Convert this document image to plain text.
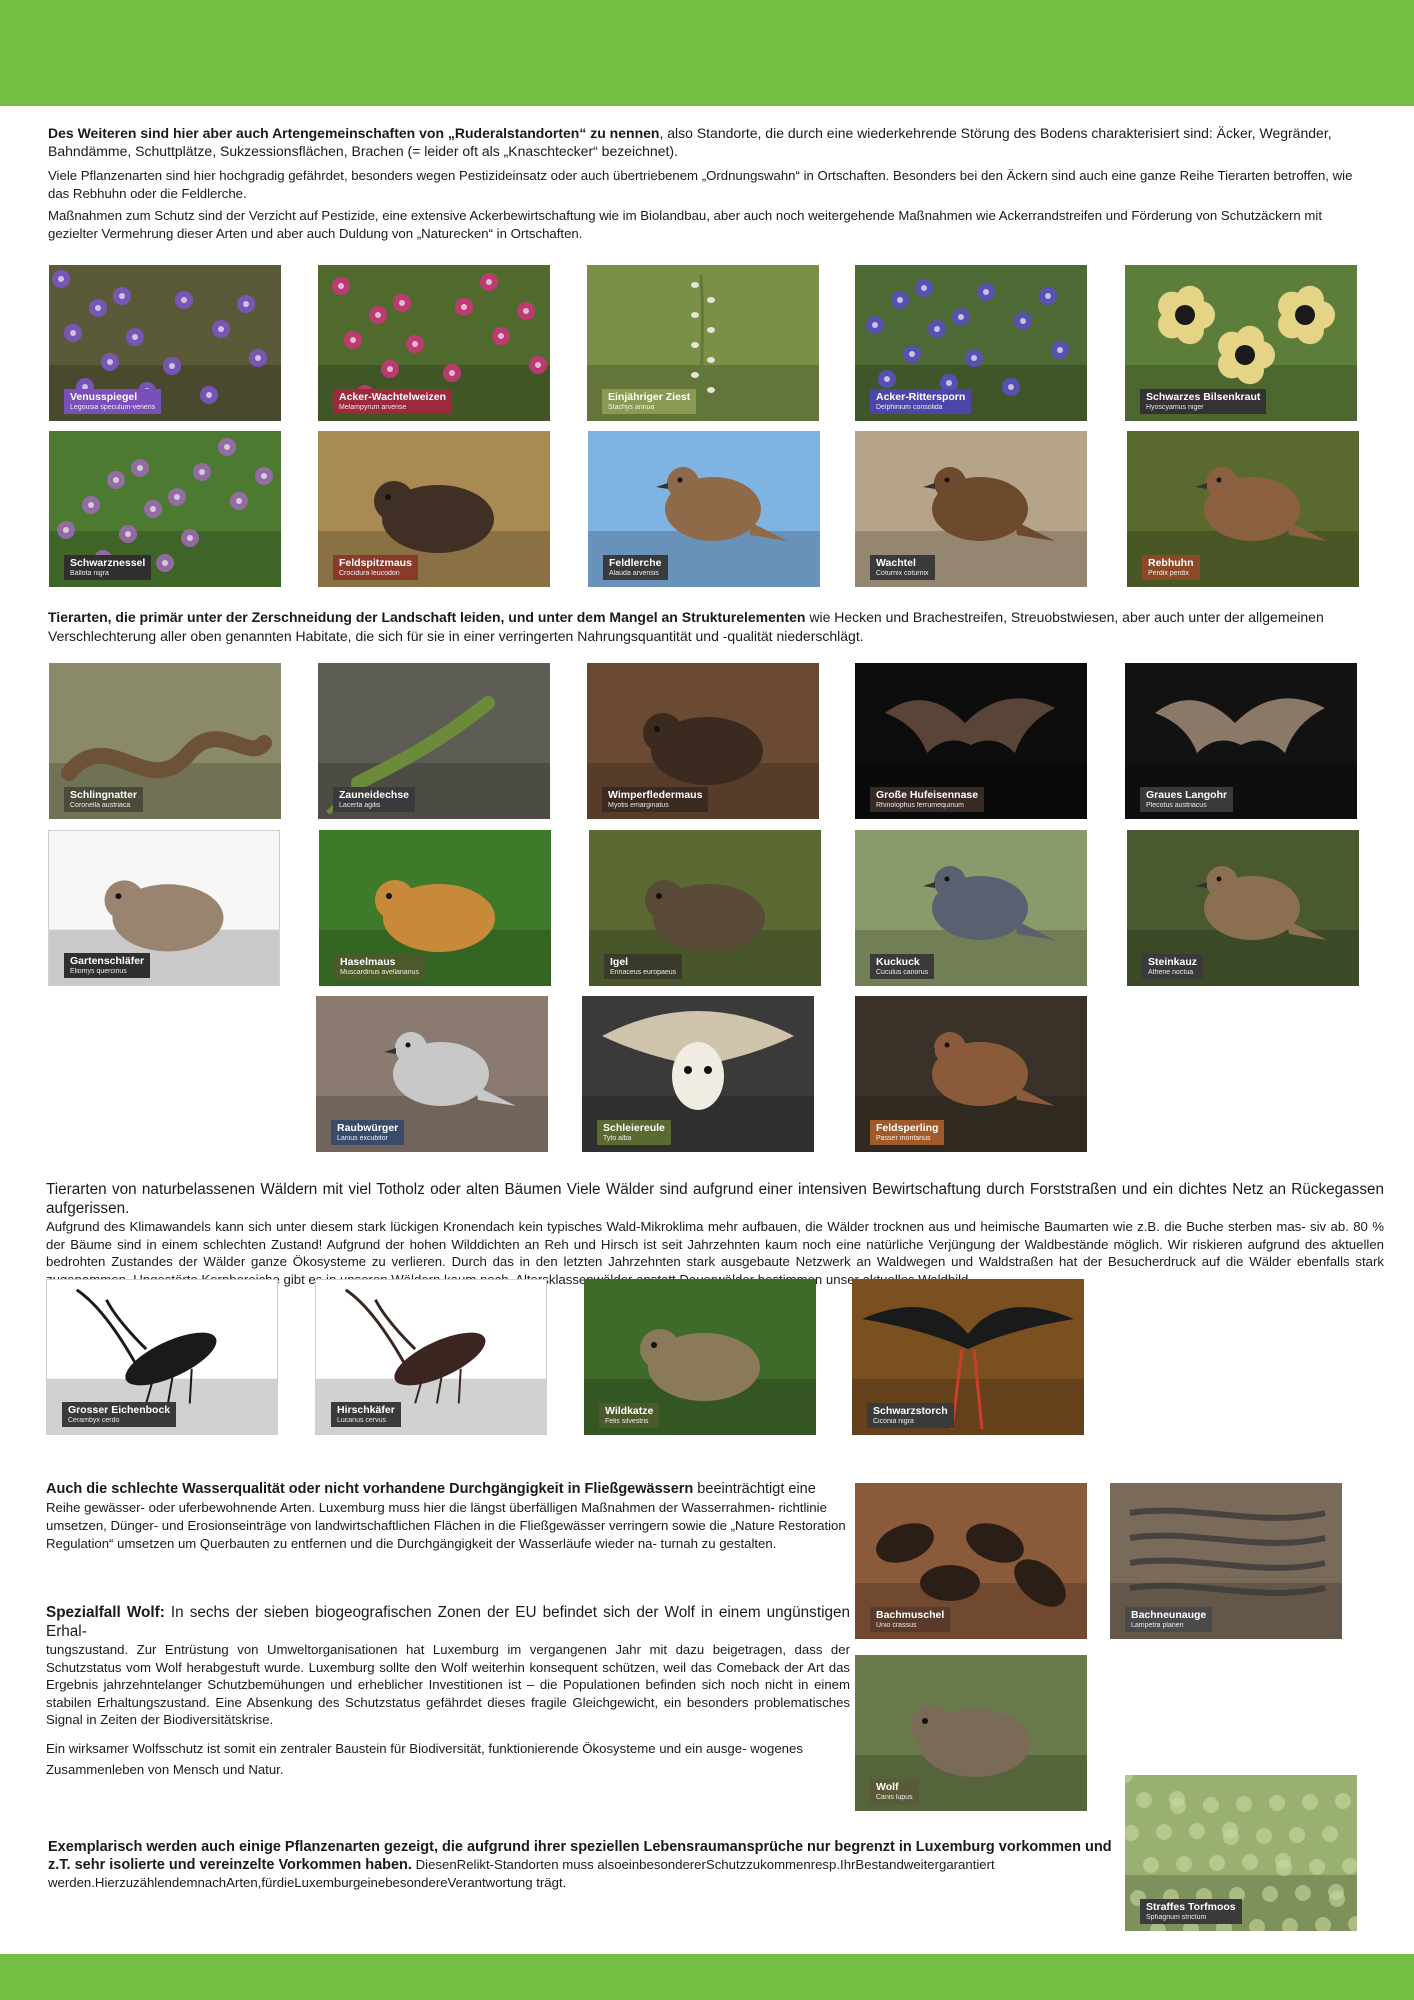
Des Weiteren sind hier aber auch Artengemeinschaften von „Ruderalstandorten“ zu nennen, also Standorte, die durch eine wiederkehrende Störung des Bodens charakterisiert sind: Äcker, Wegränder, Bahndämme, Schuttplätze, Sukzessionsflächen, Brachen (= leider oft als „Knaschtecker“ bezeichnet).

Viele Pflanzenarten sind hier hochgradig gefährdet, besonders wegen Pestizideinsatz oder auch übertriebenem „Ordnungswahn“ in Ortschaften. Besonders bei den Äckern sind auch eine ganze Reihe Tierarten betroffen, wie das Rebhuhn oder die Feldlerche.

Maßnahmen zum Schutz sind der Verzicht auf Pestizide, eine extensive Ackerbewirtschaftung wie im Biolandbau, aber auch noch weitergehende Maßnahmen wie Ackerrandstreifen und Förderung von Schutzäckern mit gezielter Vermehrung dieser Arten und aber auch Duldung von „Naturecken“ in Ortschaften.

Tierarten, die primär unter der Zerschneidung der Landschaft leiden, und unter dem Mangel an Strukturelementen wie Hecken und Brachestreifen, Streuobstwiesen, aber auch unter der allgemeinen Verschlechterung aller oben genannten Habitate, die sich für sie in einer verringerten Nahrungsquantität und -qualität niederschlägt.

Tierarten von naturbelassenen Wäldern mit viel Totholz oder alten Bäumen Viele Wälder sind aufgrund einer intensiven Bewirtschaftung durch Forststraßen und ein dichtes Netz an Rückegassen aufgerissen.

Aufgrund des Klimawandels kann sich unter diesem stark lückigen Kronendach kein typisches Wald-Mikroklima mehr aufbauen, die Wälder trocknen aus und heimische Baumarten wie z.B. die Buche sterben mas- siv ab. 80 % der Bäume sind in einem schlechten Zustand! Aufgrund der hohen Wilddichten an Reh und Hirsch ist seit Jahrzehnten kaum noch eine natürliche Verjüngung der Waldbestände möglich. Wir riskieren aufgrund des aktuellen bedrohten Zustandes der Wälder ganze Ökosysteme zu verlieren. Durch das in den letzten Jahrzehnten stark ausgebaute Netzwerk an Waldwegen und Waldstraßen hat der Besucherdruck auf die Wälder ebenfalls stark gibt Altersklassenwälder unser

Auch die schlechte Wasserqualität oder nicht vorhandene Durchgängigkeit in Fließgewässern beeinträchtigt eine

Reihe gewässer- oder uferbewohnende Arten. Luxemburg muss hier die längst überfälligen Maßnahmen der Wasserrahmen- richtlinie umsetzen, Dünger- und Erosionseinträge von landwirtschaftlichen Flächen in die Fließgewässer verringern sowie die „Nature Restoration Regulation“ umsetzen um Querbauten zu entfernen und die Durchgängigkeit der Wasserläufe wieder na- turnah zu gestalten.

Spezialfall Wolf: In sechs der sieben biogeografischen Zonen der EU befindet sich der Wolf in einem ungünstigen Erhal-

tungszustand. Zur Entrüstung von Umweltorganisationen hat Luxemburg im vergangenen Jahr mit dazu beigetragen, dass der Schutzstatus vom Wolf herabgestuft wurde. Luxemburg sollte den Wolf weiterhin konsequent schützen, weil das Comeback der Art das Ergebnis jahrzehntelanger Schutzbemühungen und erheblicher Investitionen ist – die Populationen befinden sich noch nicht in einem stabilen Erhaltungszustand. Eine Absenkung des Schutzstatus gefährdet dieses fragile Gleichgewicht, ein besonders problematisches Signal in Zeiten der Biodiversitätskrise.

Ein wirksamer Wolfsschutz ist somit ein zentraler Baustein für Biodiversität, funktionierende Ökosysteme und ein ausge- wogenes Zusammenleben von Mensch und Natur.

Exemplarisch werden auch einige Pflanzenarten gezeigt, die aufgrund ihrer speziellen Lebensraumansprüche nur begrenzt in Luxemburg vorkommen und z.T. sehr isolierte und vereinzelte Vorkommen haben. DiesenRelikt-Standorten muss alsoeinbesondererSchutzzukommenresp.IhrBestandweitergarantiert werden.HierzuzählendemnachArten,fürdieLuxemburgeinebesondereVerantwortung trägt.

Venusspiegel
Legousia speculum-veneris
Acker-Wachtelweizen
Melampyrum arvense
Einjähriger Ziest
Stachys annua
Acker-Rittersporn
Delphinium consolida
Schwarzes Bilsenkraut
Hyoscyamus niger
Schwarznessel
Ballota nigra
Feldspitzmaus
Crocidura leucodon
Feldlerche
Alauda arvensis
Wachtel
Coturnix coturnix
Rebhuhn
Perdix perdix
Schlingnatter
Coronella austriaca
Zauneidechse
Lacerta agilis
Wimperfledermaus
Myotis emarginatus
Große Hufeisennase
Rhinolophus ferrumequinum
Graues Langohr
Plecotus austriacus
Gartenschläfer
Eliomys quercinus
Haselmaus
Muscardinus avellanarius
Igel
Erinaceus europaeus
Kuckuck
Cuculus canorus
Steinkauz
Athene noctua
Raubwürger
Lanius excubitor
Schleiereule
Tyto alba
Feldsperling
Passer montanus
Grosser Eichenbock
Cerambyx cerdo
Hirschkäfer
Lucanus cervus
Wildkatze
Felis silvestris
Schwarzstorch
Ciconia nigra
Bachmuschel
Unio crassus
Bachneunauge
Lampetra planeri
Wolf
Canis lupus
Straffes Torfmoos
Sphagnum strictum
